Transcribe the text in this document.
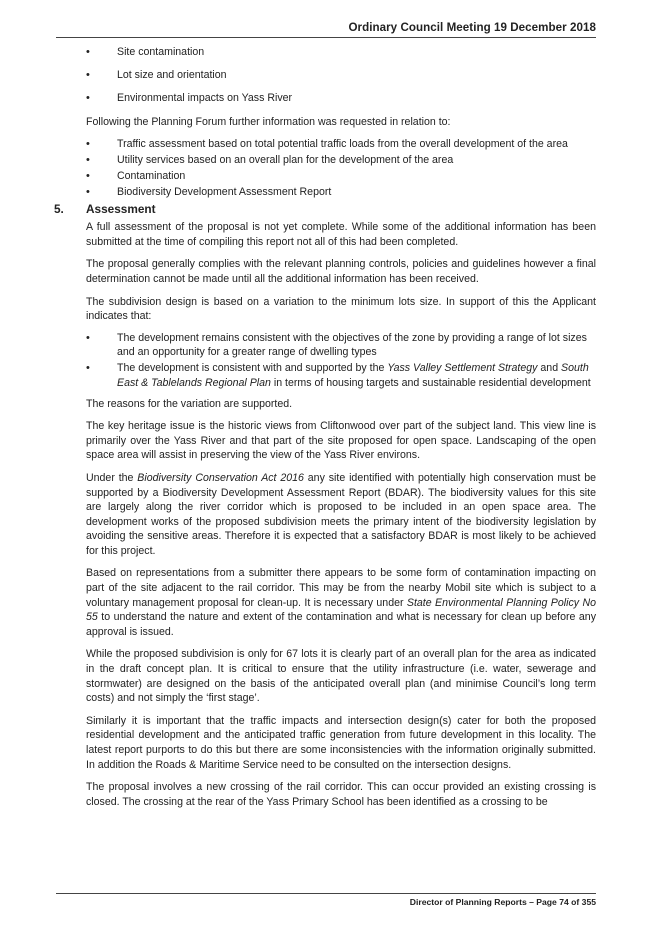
Ordinary Council Meeting 19 December 2018
• Site contamination
• Lot size and orientation
• Environmental impacts on Yass River

Following the Planning Forum further information was requested in relation to:

• Traffic assessment based on total potential traffic loads from the overall development of the area
• Utility services based on an overall plan for the development of the area
• Contamination
• Biodiversity Development Assessment Report
5. Assessment

A full assessment of the proposal is not yet complete. While some of the additional information has been submitted at the time of compiling this report not all of this had been completed.

The proposal generally complies with the relevant planning controls, policies and guidelines however a final determination cannot be made until all the additional information has been received.

The subdivision design is based on a variation to the minimum lots size. In support of this the Applicant indicates that:

• The development remains consistent with the objectives of the zone by providing a range of lot sizes and an opportunity for a greater range of dwelling types
• The development is consistent with and supported by the Yass Valley Settlement Strategy and South East & Tablelands Regional Plan in terms of housing targets and sustainable residential development

The reasons for the variation are supported.

The key heritage issue is the historic views from Cliftonwood over part of the subject land. This view line is primarily over the Yass River and that part of the site proposed for open space. Landscaping of the open space area will assist in preserving the view of the Yass River environs.

Under the Biodiversity Conservation Act 2016 any site identified with potentially high conservation must be supported by a Biodiversity Development Assessment Report (BDAR). The biodiversity values for this site are largely along the river corridor which is proposed to be included in an open space area. The development works of the proposed subdivision meets the primary intent of the biodiversity legislation by avoiding the sensitive areas. Therefore it is expected that a satisfactory BDAR is most likely to be achieved for this project.

Based on representations from a submitter there appears to be some form of contamination impacting on part of the site adjacent to the rail corridor. This may be from the nearby Mobil site which is subject to a voluntary management proposal for clean-up. It is necessary under State Environmental Planning Policy No 55 to understand the nature and extent of the contamination and what is necessary for clean up before any approval is issued.

While the proposed subdivision is only for 67 lots it is clearly part of an overall plan for the area as indicated in the draft concept plan. It is critical to ensure that the utility infrastructure (i.e. water, sewerage and stormwater) are designed on the basis of the anticipated overall plan (and minimise Council’s long term costs) and not simply the ‘first stage’.

Similarly it is important that the traffic impacts and intersection design(s) cater for both the proposed residential development and the anticipated traffic generation from future development in this locality. The latest report purports to do this but there are some inconsistencies with the information originally submitted. In addition the Roads & Maritime Service need to be consulted on the intersection designs.

The proposal involves a new crossing of the rail corridor. This can occur provided an existing crossing is closed. The crossing at the rear of the Yass Primary School has been identified as a crossing to be

Director of Planning Reports – Page 74 of 355
